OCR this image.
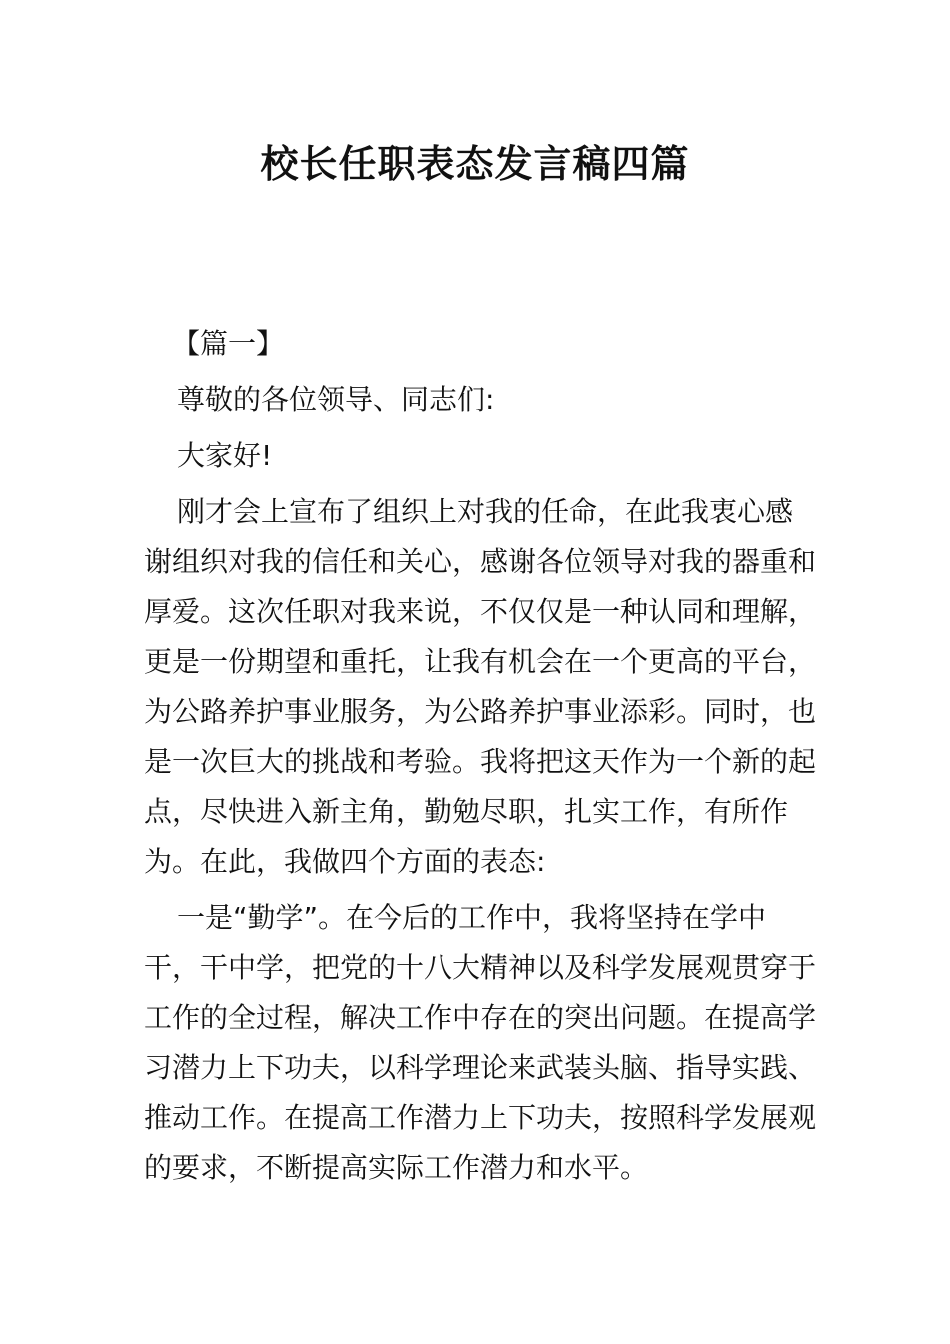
校长任职表态发言稿四篇

【篇一】

尊敬的各位领导、同志们:

大家好!

刚才会上宣布了组织上对我的任命，在此我衷心感谢组织对我的信任和关心，感谢各位领导对我的器重和厚爱。这次任职对我来说，不仅仅是一种认同和理解，更是一份期望和重托，让我有机会在一个更高的平台，为公路养护事业服务，为公路养护事业添彩。同时，也是一次巨大的挑战和考验。我将把这天作为一个新的起点，尽快进入新主角，勤勉尽职，扎实工作，有所作为。在此，我做四个方面的表态:

一是“勤学”。在今后的工作中，我将坚持在学中干，干中学，把党的十八大精神以及科学发展观贯穿于工作的全过程，解决工作中存在的突出问题。在提高学习潜力上下功夫，以科学理论来武装头脑、指导实践、推动工作。在提高工作潜力上下功夫，按照科学发展观的要求，不断提高实际工作潜力和水平。
